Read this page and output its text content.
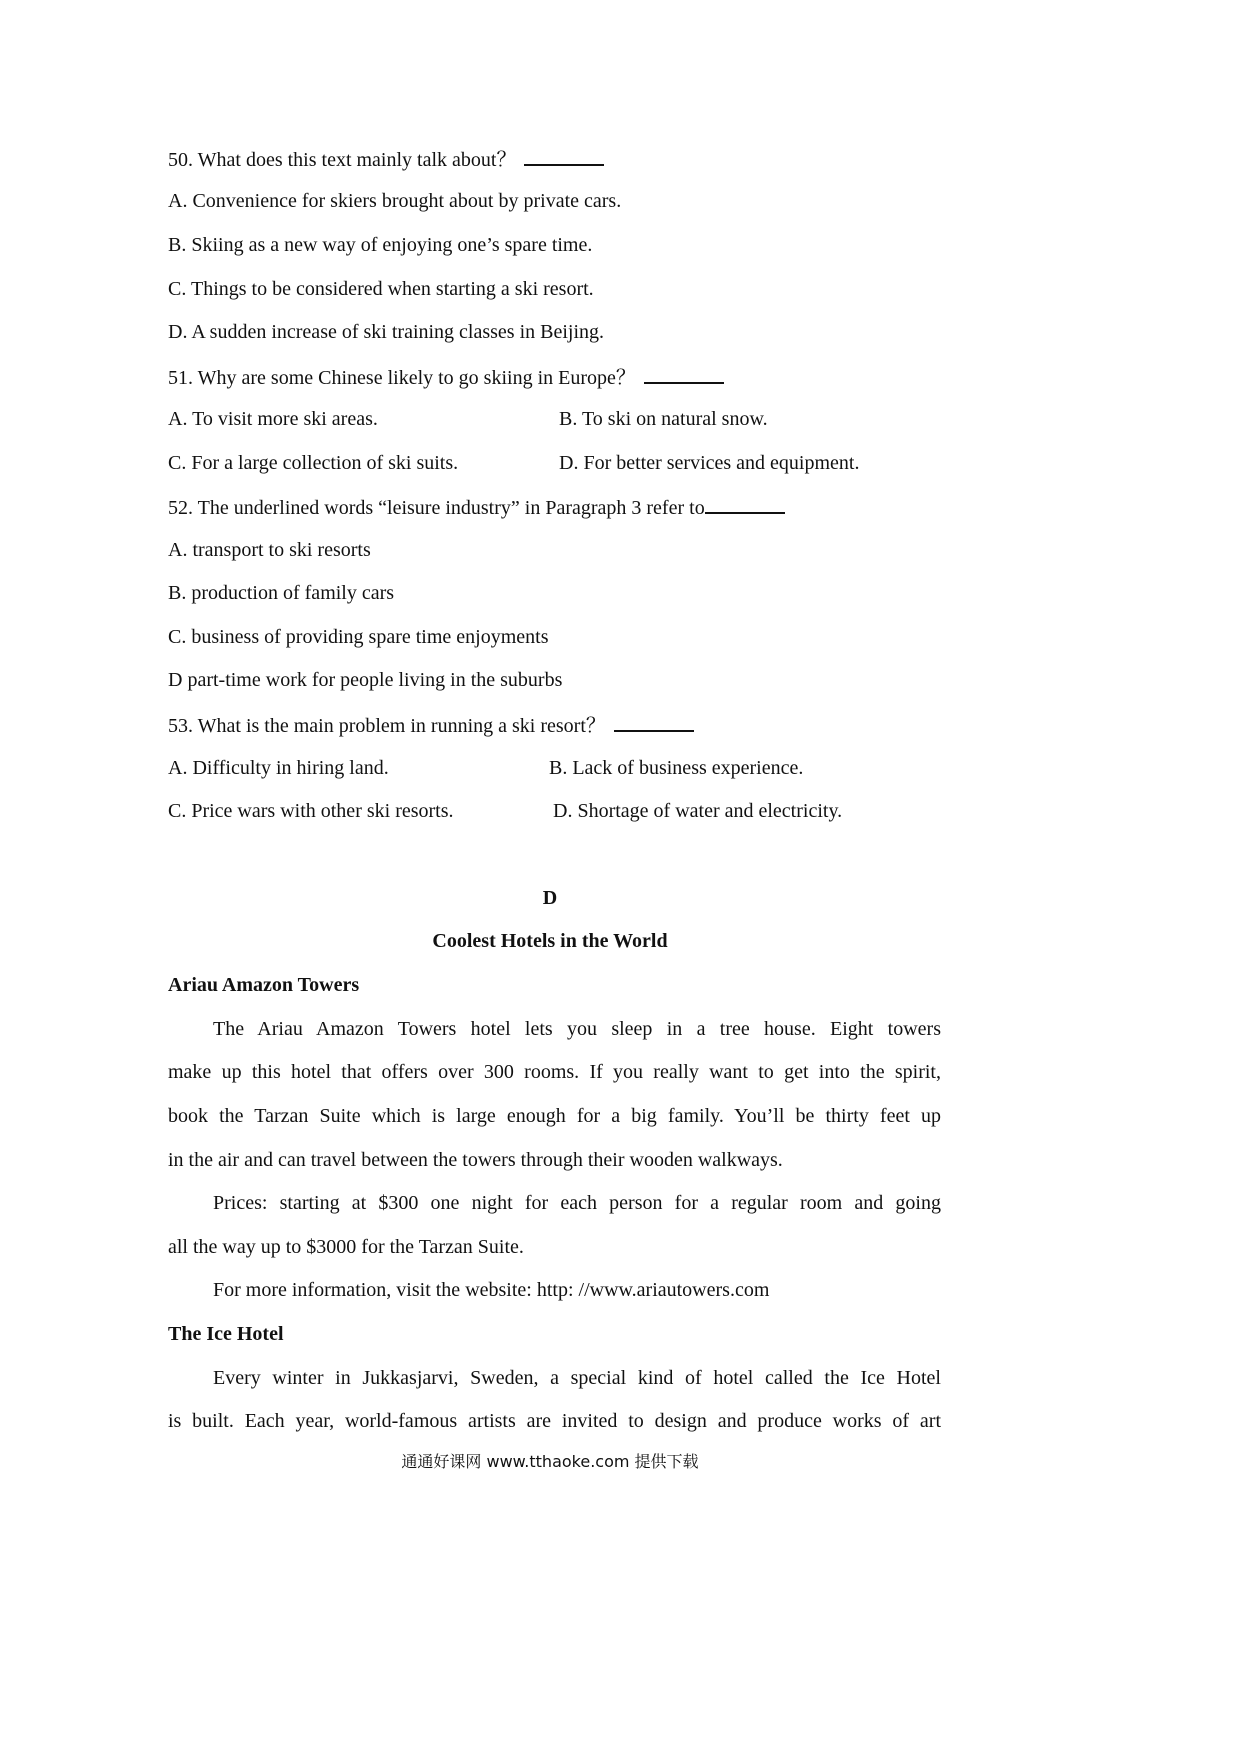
50. What does this text mainly talk about？
A. Convenience for skiers brought about by private cars.
B. Skiing as a new way of enjoying one’s spare time.
C. Things to be considered when starting a ski resort.
D. A sudden increase of ski training classes in Beijing.
51. Why are some Chinese likely to go skiing in Europe？
A. To visit more ski areas.	B. To ski on natural snow.
C. For a large collection of ski suits.	D. For better services and equipment.
52. The underlined words “leisure industry” in Paragraph 3 refer to
A. transport to ski resorts
B. production of family cars
C. business of providing spare time enjoyments
D part-time work for people living in the suburbs
53. What is the main problem in running a ski resort？
A. Difficulty in hiring land.	B. Lack of business experience.
C. Price wars with other ski resorts.	D. Shortage of water and electricity.
D
Coolest Hotels in the World
Ariau Amazon Towers
The Ariau Amazon Towers hotel lets you sleep in a tree house. Eight towers
make up this hotel that offers over 300 rooms. If you really want to get into the spirit,
book the Tarzan Suite which is large enough for a big family. You’ll be thirty feet up
in the air and can travel between the towers through their wooden walkways.
Prices: starting at $300 one night for each person for a regular room and going
all the way up to $3000 for the Tarzan Suite.
For more information, visit the website: http: //www.ariautowers.com
The Ice Hotel
Every winter in Jukkasjarvi, Sweden, a special kind of hotel called the Ice Hotel
is built. Each year, world-famous artists are invited to design and produce works of art
通通好课网 www.tthaoke.com 提供下载
